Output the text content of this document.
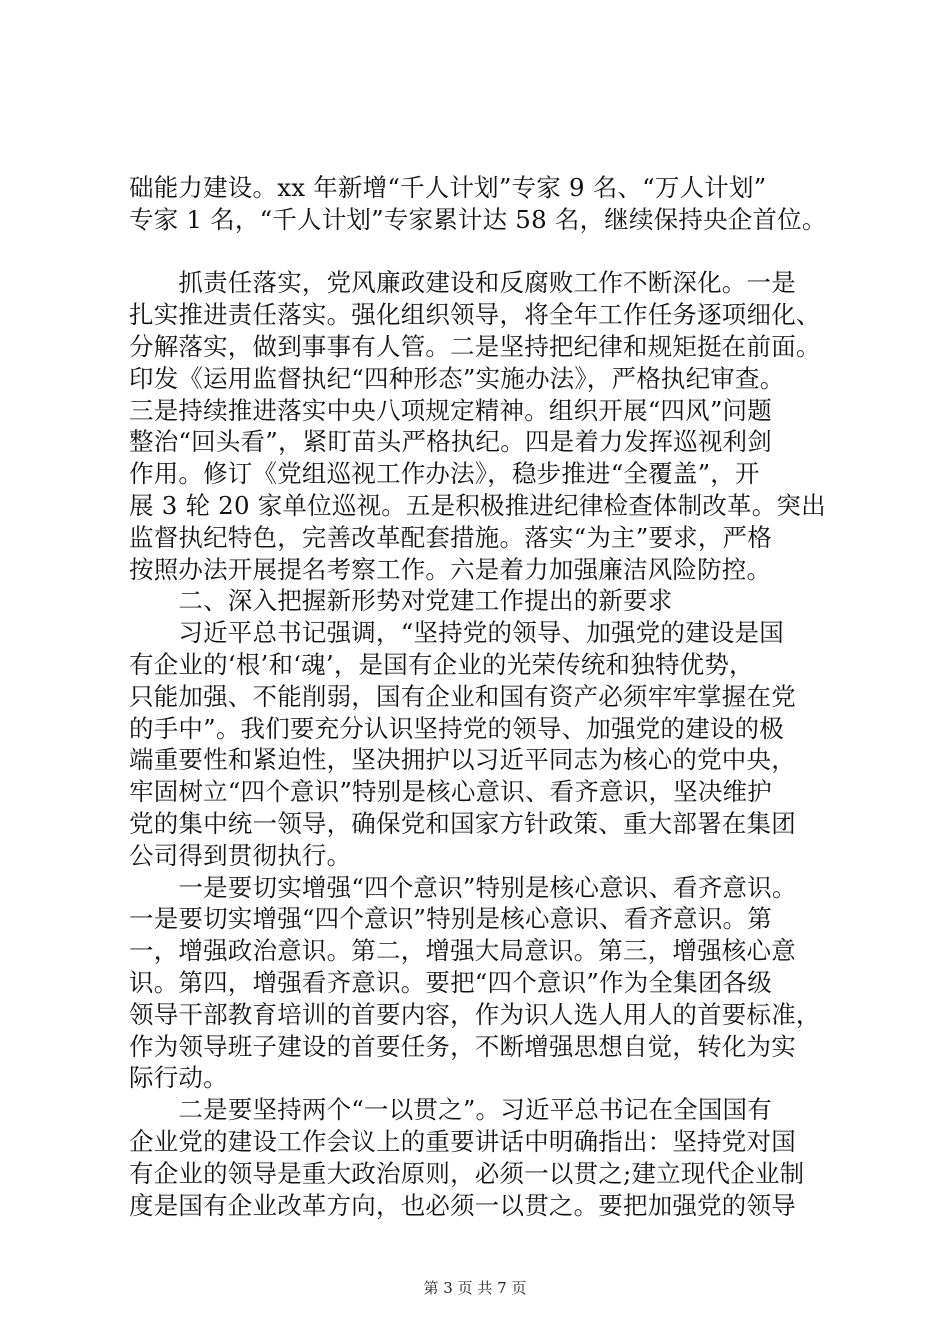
础能力建设。xx 年新增“千人计划”专家 9 名、“万人计划”
专家 1 名，“千人计划”专家累计达 58 名，继续保持央企首位。
　　抓责任落实，党风廉政建设和反腐败工作不断深化。一是
扎实推进责任落实。强化组织领导，将全年工作任务逐项细化、
分解落实，做到事事有人管。二是坚持把纪律和规矩挺在前面。
印发《运用监督执纪“四种形态”实施办法》，严格执纪审查。
三是持续推进落实中央八项规定精神。组织开展“四风”问题
整治“回头看”，紧盯苗头严格执纪。四是着力发挥巡视利剑
作用。修订《党组巡视工作办法》，稳步推进“全覆盖”，开
展 3 轮 20 家单位巡视。五是积极推进纪律检查体制改革。突出
监督执纪特色，完善改革配套措施。落实“为主”要求，严格
按照办法开展提名考察工作。六是着力加强廉洁风险防控。
　　二、深入把握新形势对党建工作提出的新要求
　　习近平总书记强调，“坚持党的领导、加强党的建设是国
有企业的‘根’和‘魂’，是国有企业的光荣传统和独特优势，
只能加强、不能削弱，国有企业和国有资产必须牢牢掌握在党
的手中”。我们要充分认识坚持党的领导、加强党的建设的极
端重要性和紧迫性，坚决拥护以习近平同志为核心的党中央，
牢固树立“四个意识”特别是核心意识、看齐意识，坚决维护
党的集中统一领导，确保党和国家方针政策、重大部署在集团
公司得到贯彻执行。
　　一是要切实增强“四个意识”特别是核心意识、看齐意识。
一是要切实增强“四个意识”特别是核心意识、看齐意识。第
一，增强政治意识。第二，增强大局意识。第三，增强核心意
识。第四，增强看齐意识。要把“四个意识”作为全集团各级
领导干部教育培训的首要内容，作为识人选人用人的首要标准，
作为领导班子建设的首要任务，不断增强思想自觉，转化为实
际行动。
　　二是要坚持两个“一以贯之”。习近平总书记在全国国有
企业党的建设工作会议上的重要讲话中明确指出：坚持党对国
有企业的领导是重大政治原则，必须一以贯之;建立现代企业制
度是国有企业改革方向，也必须一以贯之。要把加强党的领导
第 3 页 共 7 页
